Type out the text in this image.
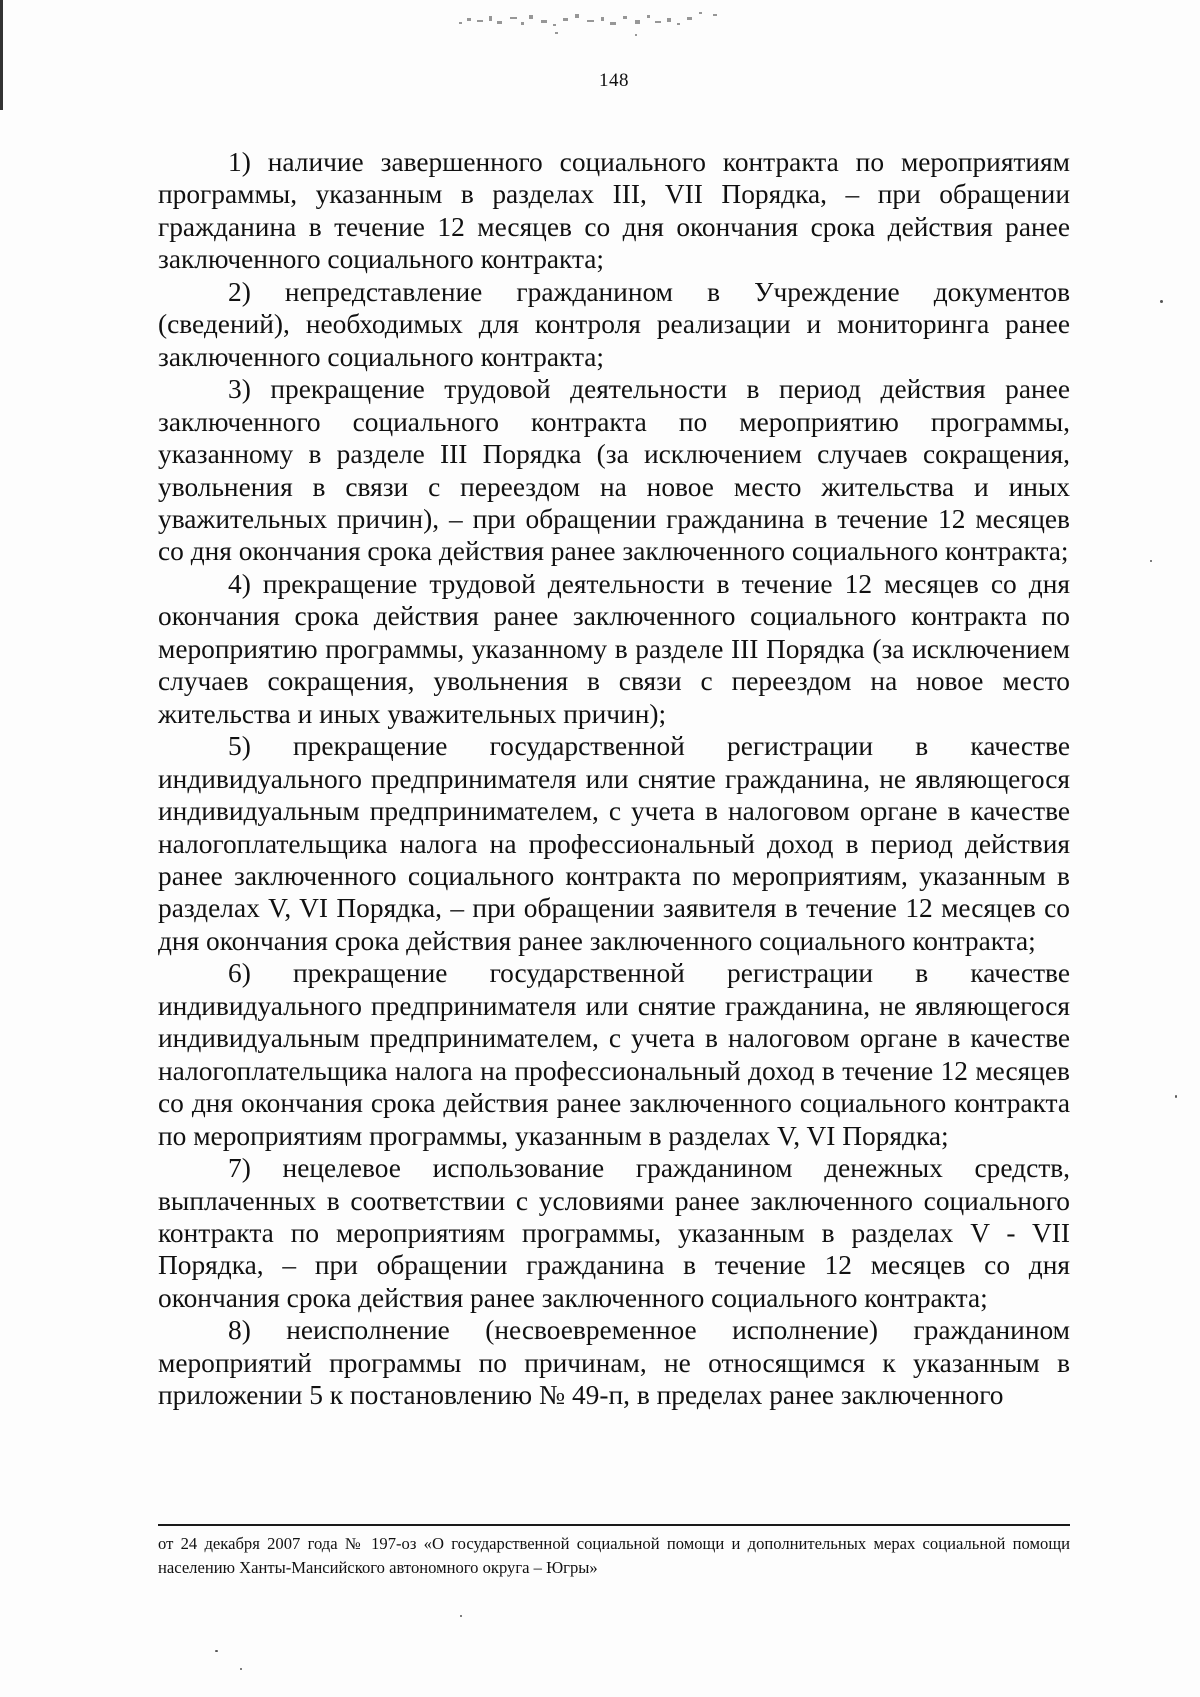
148

1) наличие завершенного социального контракта по мероприятиям программы, указанным в разделах III, VII Порядка, – при обращении гражданина в течение 12 месяцев со дня окончания срока действия ранее заключенного социального контракта;

2) непредставление гражданином в Учреждение документов (сведений), необходимых для контроля реализации и мониторинга ранее заключенного социального контракта;

3) прекращение трудовой деятельности в период действия ранее заключенного социального контракта по мероприятию программы, указанному в разделе III Порядка (за исключением случаев сокращения, увольнения в связи с переездом на новое место жительства и иных уважительных причин), – при обращении гражданина в течение 12 месяцев со дня окончания срока действия ранее заключенного социального контракта;

4) прекращение трудовой деятельности в течение 12 месяцев со дня окончания срока действия ранее заключенного социального контракта по мероприятию программы, указанному в разделе III Порядка (за исключением случаев сокращения, увольнения в связи с переездом на новое место жительства и иных уважительных причин);

5) прекращение государственной регистрации в качестве индивидуального предпринимателя или снятие гражданина, не являющегося индивидуальным предпринимателем, с учета в налоговом органе в качестве налогоплательщика налога на профессиональный доход в период действия ранее заключенного социального контракта по мероприятиям, указанным в разделах V, VI Порядка, – при обращении заявителя в течение 12 месяцев со дня окончания срока действия ранее заключенного социального контракта;

6) прекращение государственной регистрации в качестве индивидуального предпринимателя или снятие гражданина, не являющегося индивидуальным предпринимателем, с учета в налоговом органе в качестве налогоплательщика налога на профессиональный доход в течение 12 месяцев со дня окончания срока действия ранее заключенного социального контракта по мероприятиям программы, указанным в разделах V, VI Порядка;

7) нецелевое использование гражданином денежных средств, выплаченных в соответствии с условиями ранее заключенного социального контракта по мероприятиям программы, указанным в разделах V - VII Порядка, – при обращении гражданина в течение 12 месяцев со дня окончания срока действия ранее заключенного социального контракта;

8) неисполнение (несвоевременное исполнение) гражданином мероприятий программы по причинам, не относящимся к указанным в приложении 5 к постановлению № 49-п, в пределах ранее заключенного

от 24 декабря 2007 года № 197-оз «О государственной социальной помощи и дополнительных мерах социальной помощи населению Ханты-Мансийского автономного округа – Югры»
